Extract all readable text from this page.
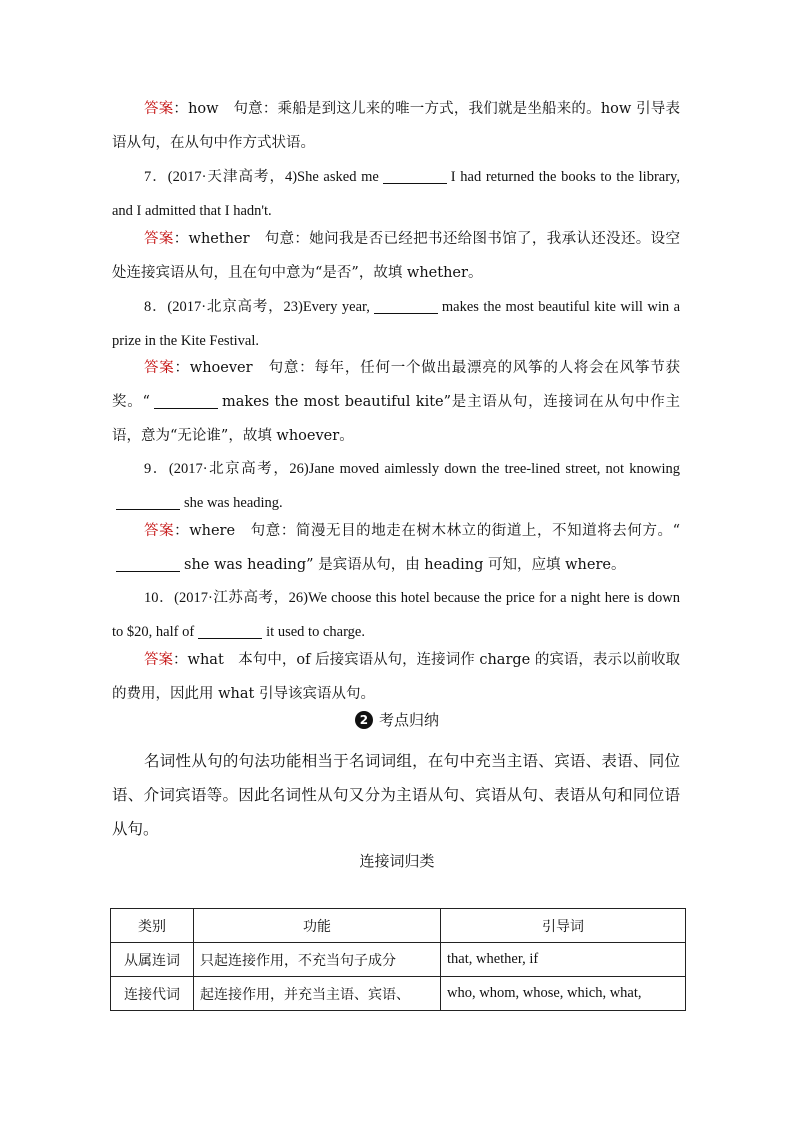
答案：how　句意：乘船是到这儿来的唯一方式，我们就是坐船来的。how 引导表语从句，在从句中作方式状语。
7．(2017·天津高考，4)She asked me	I had returned the books to the library, and I admitted that I hadn't.
答案：whether　句意：她问我是否已经把书还给图书馆了，我承认还没还。设空处连接宾语从句，且在句中意为“是否”，故填 whether。
8．(2017·北京高考，23)Every year,	makes the most beautiful kite will win a prize in the Kite Festival.
答案：whoever　句意：每年，任何一个做出最漂亮的风筝的人将会在风筝节获奖。“	makes the most beautiful kite”是主语从句，连接词在从句中作主语，意为“无论谁”，故填 whoever。
9．(2017·北京高考，26)Jane moved aimlessly down the tree-lined street, not knowingshe was heading.
答案：where　句意：简漫无目的地走在树木林立的街道上，不知道将去何方。“she was heading” 是宾语从句，由 heading 可知，应填 where。
10．(2017·江苏高考，26)We choose this hotel because the price for a night here is down to $20, half of	it used to charge.
答案：what　本句中，of 后接宾语从句，连接词作 charge 的宾语，表示以前收取的费用，因此用 what 引导该宾语从句。
2 考点归纳
名词性从句的句法功能相当于名词词组，在句中充当主语、宾语、表语、同位语、介词宾语等。因此名词性从句又分为主语从句、宾语从句、表语从句和同位语从句。
连接词归类
类别	功能	引导词
从属连词	只起连接作用，不充当句子成分	that, whether, if
连接代词	起连接作用，并充当主语、宾语、	who, whom, whose, which, what,
